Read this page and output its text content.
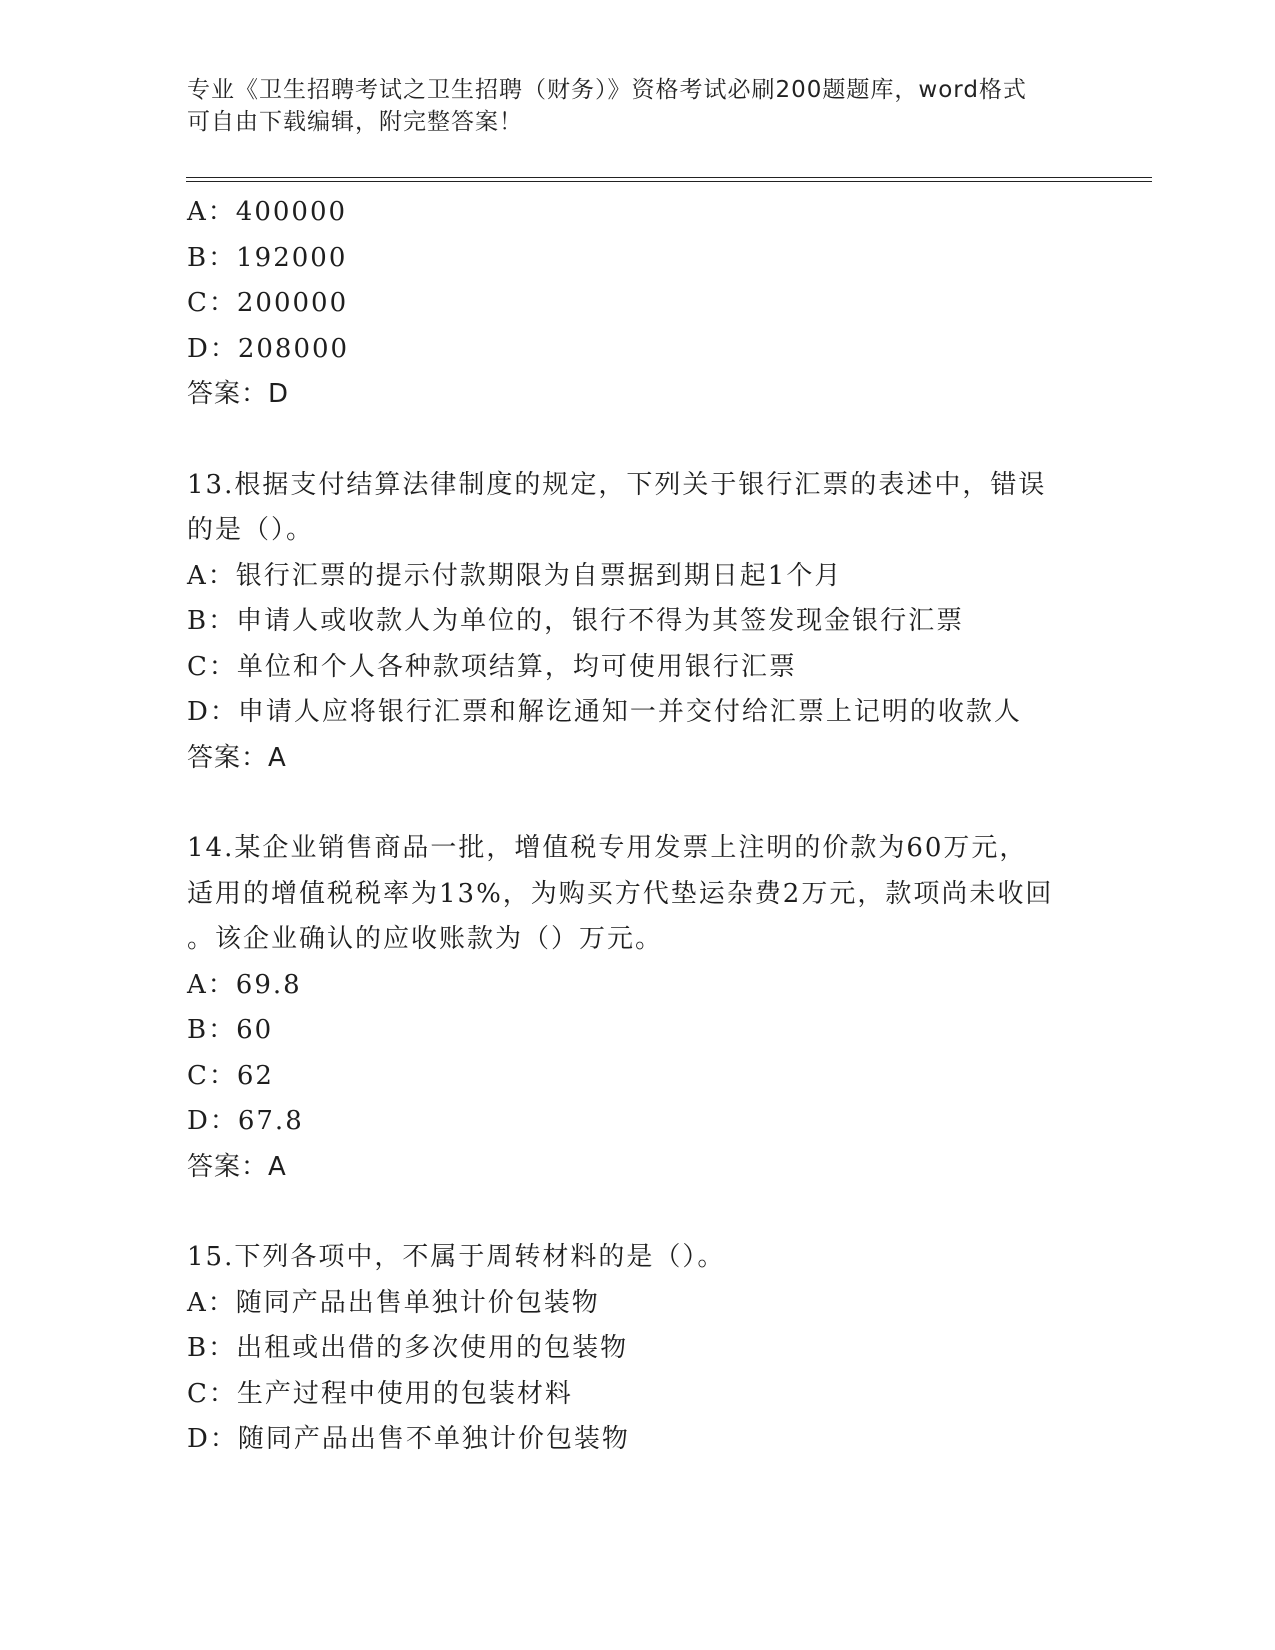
专业《卫生招聘考试之卫生招聘（财务）》资格考试必刷200题题库，word格式
可自由下载编辑，附完整答案！
A：400000
B：192000
C：200000
D：208000
答案：D
13.根据支付结算法律制度的规定，下列关于银行汇票的表述中，错误
的是（）。
A：银行汇票的提示付款期限为自票据到期日起1个月
B：申请人或收款人为单位的，银行不得为其签发现金银行汇票
C：单位和个人各种款项结算，均可使用银行汇票
D：申请人应将银行汇票和解讫通知一并交付给汇票上记明的收款人
答案：A
14.某企业销售商品一批，增值税专用发票上注明的价款为60万元，
适用的增值税税率为13%，为购买方代垫运杂费2万元，款项尚未收回
。该企业确认的应收账款为（）万元。
A：69.8
B：60
C：62
D：67.8
答案：A
15.下列各项中，不属于周转材料的是（）。
A：随同产品出售单独计价包装物
B：出租或出借的多次使用的包装物
C：生产过程中使用的包装材料
D：随同产品出售不单独计价包装物
